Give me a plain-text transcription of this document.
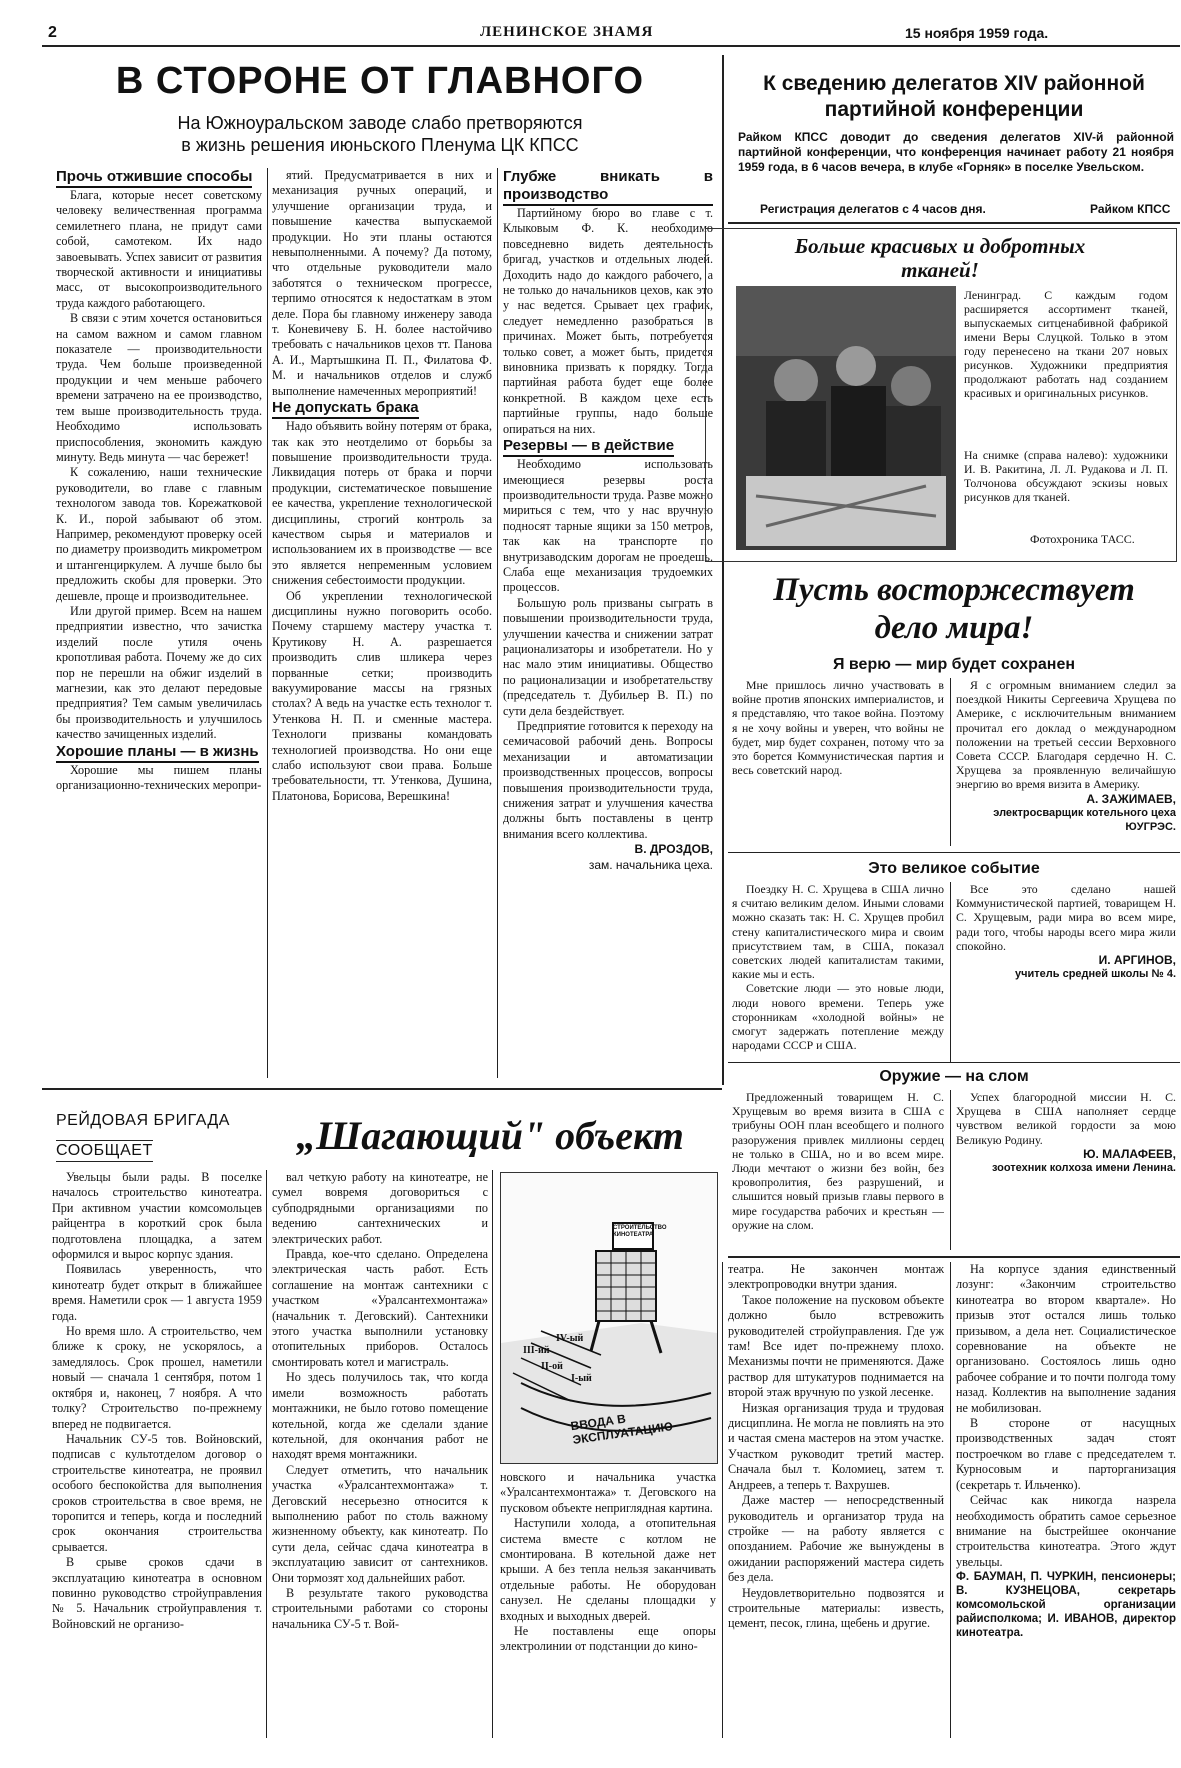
2	ЛЕНИНСКОЕ ЗНАМЯ	15 ноября 1959 года.
В СТОРОНЕ ОТ ГЛАВНОГО
На Южноуральском заводе слабо претворяются
в жизнь решения июньского Пленума ЦК КПСС

Прочь отжившие способы

Блага, которые несет советскому человеку величественная программа семилетнего плана, не придут сами собой, самотеком. Их надо завоевывать. Успех зависит от развития творческой активности и инициативы масс, от высокопроизводительного труда каждого работающего.

В связи с этим хочется остановиться на самом важном и самом главном показателе — производительности труда. Чем больше произведенной продукции и чем меньше рабочего времени затрачено на ее производство, тем выше производительность труда. Необходимо использовать приспособления, экономить каждую минуту. Ведь минута — час бережет!

К сожалению, наши технические руководители, во главе с главным технологом завода тов. Корежатковой К. И., порой забывают об этом. Например, рекомендуют проверку осей по диаметру производить микрометром и штангенциркулем. А лучше было бы предложить скобы для проверки. Это дешевле, проще и производительнее.

Или другой пример. Всем на нашем предприятии известно, что зачистка изделий после утиля очень кропотливая работа. Почему же до сих пор не перешли на обжиг изделий в магнезии, как это делают передовые предприятия? Тем самым увеличилась бы производительность и улучшилось качество зачищенных изделий.

Хорошие планы — в жизнь

Хорошие мы пишем планы организационно-технических меропри-

ятий. Предусматривается в них и механизация ручных операций, и улучшение организации труда, и повышение качества выпускаемой продукции. Но эти планы остаются невыполненными. А почему? Да потому, что отдельные руководители мало заботятся о техническом прогрессе, терпимо относятся к недостаткам в этом деле. Пора бы главному инженеру завода т. Коневичеву Б. Н. более настойчиво требовать с начальников цехов тт. Панова А. И., Мартышкина П. П., Филатова Ф. М. и начальников отделов и служб выполнение намеченных мероприятий!

Не допускать брака

Надо объявить войну потерям от брака, так как это неотделимо от борьбы за повышение производительности труда. Ликвидация потерь от брака и порчи продукции, систематическое повышение ее качества, укрепление технологической дисциплины, строгий контроль за качеством сырья и материалов и использованием их в производстве — все это является непременным условием снижения себестоимости продукции.

Об укреплении технологической дисциплины нужно поговорить особо. Почему старшему мастеру участка т. Крутикову Н. А. разрешается производить слив шликера через порванные сетки; производить вакуумирование массы на грязных столах? А ведь на участке есть технолог т. Утенкова Н. П. и сменные мастера. Технологи призваны командовать технологией производства. Но они еще слабо используют свои права. Больше требовательности, тт. Утенкова, Душина, Платонова, Борисова, Верешкина!

Глубже вникать в производство

Партийному бюро во главе с т. Клыковым Ф. К. необходимо повседневно видеть деятельность бригад, участков и отдельных людей. Доходить надо до каждого рабочего, а не только до начальников цехов, как это у нас ведется. Срывает цех график, следует немедленно разобраться в причинах. Может быть, потребуется только совет, а может быть, придется виновника призвать к порядку. Тогда партийная работа будет еще более конкретной. В каждом цехе есть партийные группы, надо больше опираться на них.

Резервы — в действие

Необходимо использовать имеющиеся резервы роста производительности труда. Разве можно мириться с тем, что у нас вручную подносят тарные ящики за 150 метров, так как на транспорте по внутризаводским дорогам не проедешь. Слаба еще механизация трудоемких процессов.

Большую роль призваны сыграть в повышении производительности труда, улучшении качества и снижении затрат рационализаторы и изобретатели. Но у нас мало этим инициативы. Общество по рационализации и изобретательству (председатель т. Дубильер В. П.) по сути дела бездействует.

Предприятие готовится к переходу на семичасовой рабочий день. Вопросы механизации и автоматизации производственных процессов, вопросы повышения производительности труда, снижения затрат и улучшения качества должны быть поставлены в центр внимания всего коллектива.

В. ДРОЗДОВ,

зам. начальника цеха.

К сведению делегатов XIV районной
партийной конференции
Райком КПСС доводит до сведения делегатов XIV-й районной партийной конференции, что конференция начинает работу 21 ноября 1959 года, в 6 часов вечера, в клубе «Горняк» в поселке Увельском.
Регистрация делегатов с 4 часов дня.	Райком КПСС
Больше красивых и добротных
тканей!
Ленинград. С каждым годом расширяется ассортимент тканей, выпускаемых ситценабивной фабрикой имени Веры Слуцкой. Только в этом году перенесено на ткани 207 новых рисунков. Художники предприятия продолжают работать над созданием красивых и оригинальных рисунков.
На снимке (справа налево): художники И. В. Ракитина, Л. Л. Рудакова и Л. П. Толчонова обсуждают эскизы новых рисунков для тканей.
Фотохроника ТАСС.
Пусть восторжествует
дело мира!
Я верю — мир будет сохранен

Мне пришлось лично участвовать в войне против японских империалистов, и я представляю, что такое война. Поэтому я не хочу войны и уверен, что войны не будет, мир будет сохранен, потому что за это борется Коммунистическая партия и весь советский народ.

Я с огромным вниманием следил за поездкой Никиты Сергеевича Хрущева по Америке, с исключительным вниманием прочитал его доклад о международном положении на третьей сессии Верховного Совета СССР. Благодаря сердечно Н. С. Хрущева за проявленную величайшую энергию во время визита в Америку.

А. ЗАЖИМАЕВ,

электросварщик котельного цеха ЮУГРЭС.

Это великое событие

Поездку Н. С. Хрущева в США лично я считаю великим делом. Иными словами можно сказать так: Н. С. Хрущев пробил стену капиталистического мира и своим присутствием там, в США, показал советских людей капиталистам такими, какие мы и есть.

Советские люди — это новые люди, люди нового времени. Теперь уже сторонникам «холодной войны» не смогут задержать потепление между народами СССР и США.

Все это сделано нашей Коммунистической партией, товарищем Н. С. Хрущевым, ради мира во всем мире, ради того, чтобы народы всего мира жили спокойно.

И. АРГИНОВ,

учитель средней школы № 4.

Оружие — на слом

Предложенный товарищем Н. С. Хрущевым во время визита в США с трибуны ООН план всеобщего и полного разоружения привлек миллионы сердец не только в США, но и во всем мире. Люди мечтают о жизни без войн, без кровопролития, без разрушений, и слышится новый призыв главы первого в мире государства рабочих и крестьян — оружие на слом.

Успех благородной миссии Н. С. Хрущева в США наполняет сердце чувством великой гордости за мою Великую Родину.

Ю. МАЛАФЕЕВ,

зоотехник колхоза имени Ленина.

РЕЙДОВАЯ БРИГАДА
СООБЩАЕТ	„Шагающий" объект

Увельцы были рады. В поселке началось строительство кинотеатра. При активном участии комсомольцев райцентра в короткий срок была подготовлена площадка, а затем оформился и вырос корпус здания.

Появилась уверенность, что кинотеатр будет открыт в ближайшее время. Наметили срок — 1 августа 1959 года.

Но время шло. А строительство, чем ближе к сроку, не ускорялось, а замедлялось. Срок прошел, наметили новый — сначала 1 сентября, потом 1 октября и, наконец, 7 ноября. А что толку? Строительство по-прежнему вперед не подвигается.

Начальник СУ-5 тов. Войновский, подписав с культотделом договор о строительстве кинотеатра, не проявил особого беспокойства для выполнения сроков строительства в свое время, не торопится и теперь, когда и последний срок окончания строительства срывается.

В срыве сроков сдачи в эксплуатацию кинотеатра в основном повинно руководство стройуправления № 5. Начальник стройуправления т. Войновский не организо-

вал четкую работу на кинотеатре, не сумел вовремя договориться с субподрядными организациями по ведению сантехнических и электрических работ.

Правда, кое-что сделано. Определена электрическая часть работ. Есть соглашение на монтаж сантехники с участком «Уралсантехмонтажа» (начальник т. Деговский). Сантехники этого участка выполнили установку отопительных приборов. Осталось смонтировать котел и магистраль.

Но здесь получилось так, что когда имели возможность работать монтажники, не было готово помещение котельной, когда же сделали здание котельной, для окончания работ не находят время монтажники.

Следует отметить, что начальник участка «Уралсантехмонтажа» т. Деговский несерьезно относится к выполнению работ по столь важному жизненному объекту, как кинотеатр. По сути дела, сейчас сдача кинотеатра в эксплуатацию зависит от сантехников. Они тормозят ход дальнейших работ.

В результате такого руководства строительными работами со стороны начальника СУ-5 т. Вой-

СТРОИТЕЛЬСТВО КИНОТЕАТРА
ВВОДА В ЭКСПЛУАТАЦИЮ
I-ый
II-ой
III-ий
IV-ый

новского и начальника участка «Уралсантехмонтажа» т. Деговского на пусковом объекте неприглядная картина.

Наступили холода, а отопительная система вместе с котлом не смонтирована. В котельной даже нет крыши. А без тепла нельзя заканчивать отдельные работы. Не оборудован санузел. Не сделаны площадки у входных и выходных дверей.

Не поставлены еще опоры электролинии от подстанции до кино-

театра. Не закончен монтаж электропроводки внутри здания.

Такое положение на пусковом объекте должно было встревожить руководителей стройуправления. Где уж там! Все идет по-прежнему плохо. Механизмы почти не применяются. Даже раствор для штукатуров поднимается на второй этаж вручную по узкой лесенке.

Низкая организация труда и трудовая дисциплина. Не могла не повлиять на это и частая смена мастеров на этом участке. Участком руководит третий мастер. Сначала был т. Коломиец, затем т. Андреев, а теперь т. Вахрушев.

Даже мастер — непосредственный руководитель и организатор труда на стройке — на работу является с опозданием. Рабочие же вынуждены в ожидании распоряжений мастера сидеть без дела.

Неудовлетворительно подвозятся и строительные материалы: известь, цемент, песок, глина, щебень и другие.

На корпусе здания единственный лозунг: «Закончим строительство кинотеатра во втором квартале». Но призыв этот остался лишь только призывом, а дела нет. Социалистическое соревнование на объекте не организовано. Состоялось лишь одно рабочее собрание и то почти полгода тому назад. Коллектив на выполнение задания не мобилизован.

В стороне от насущных производственных задач стоят построечком во главе с председателем т. Курносовым и парторганизация (секретарь т. Ильченко).

Сейчас как никогда назрела необходимость обратить самое серьезное внимание на быстрейшее окончание строительства кинотеатра. Этого ждут увельцы.

Ф. БАУМАН, П. ЧУРКИН, пенсионеры; В. КУЗНЕЦОВА, секретарь комсомольской организации райисполкома; И. ИВАНОВ, директор кинотеатра.
